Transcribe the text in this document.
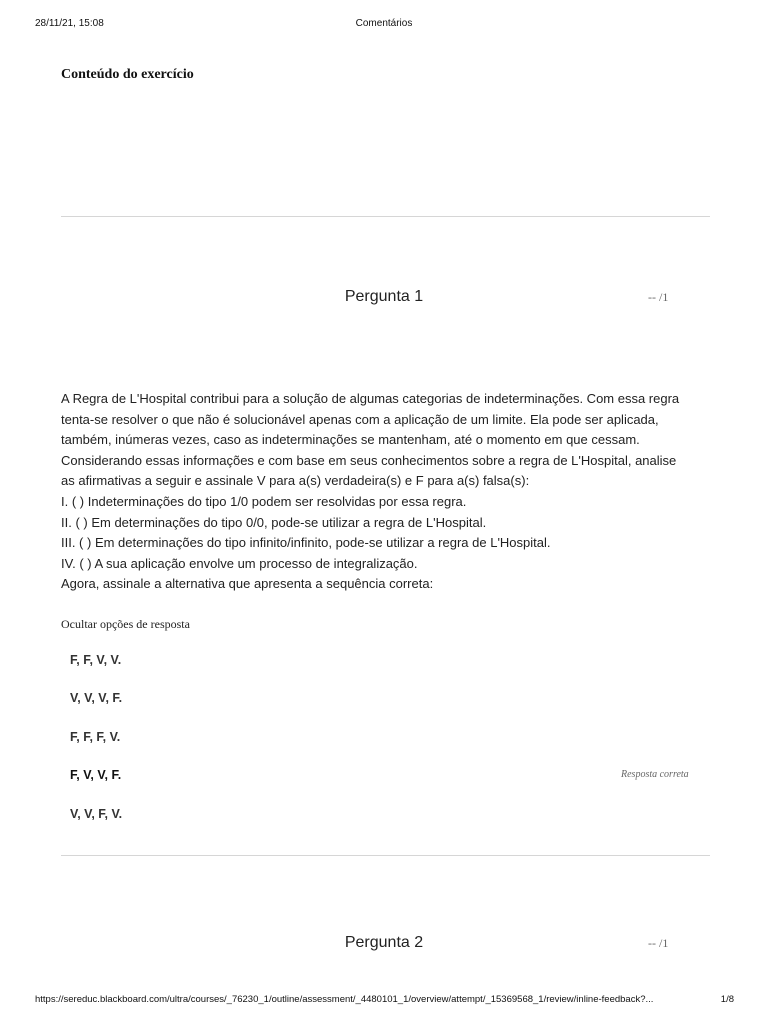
28/11/21, 15:08	Comentários
Conteúdo do exercício
Pergunta 1	-- /1

A Regra de L'Hospital contribui para a solução de algumas categorias de indeterminações. Com essa regra

tenta-se resolver o que não é solucionável apenas com a aplicação de um limite. Ela pode ser aplicada,

também, inúmeras vezes, caso as indeterminações se mantenham, até o momento em que cessam.

Considerando essas informações e com base em seus conhecimentos sobre a regra de L'Hospital, analise

as afirmativas a seguir e assinale V para a(s) verdadeira(s) e F para a(s) falsa(s):

I. ( ) Indeterminações do tipo 1/0 podem ser resolvidas por essa regra.

II. ( ) Em determinações do tipo 0/0, pode-se utilizar a regra de L'Hospital.

III. ( ) Em determinações do tipo infinito/infinito, pode-se utilizar a regra de L'Hospital.

IV. ( ) A sua aplicação envolve um processo de integralização.

Agora, assinale a alternativa que apresenta a sequência correta:

Ocultar opções de resposta
F, F, V, V.
V, V, V, F.
F, F, F, V.
F, V, V, F.
V, V, F, V.
Resposta correta
Pergunta 2	-- /1
https://sereduc.blackboard.com/ultra/courses/_76230_1/outline/assessment/_4480101_1/overview/attempt/_15369568_1/review/inline-feedback?...	1/8
